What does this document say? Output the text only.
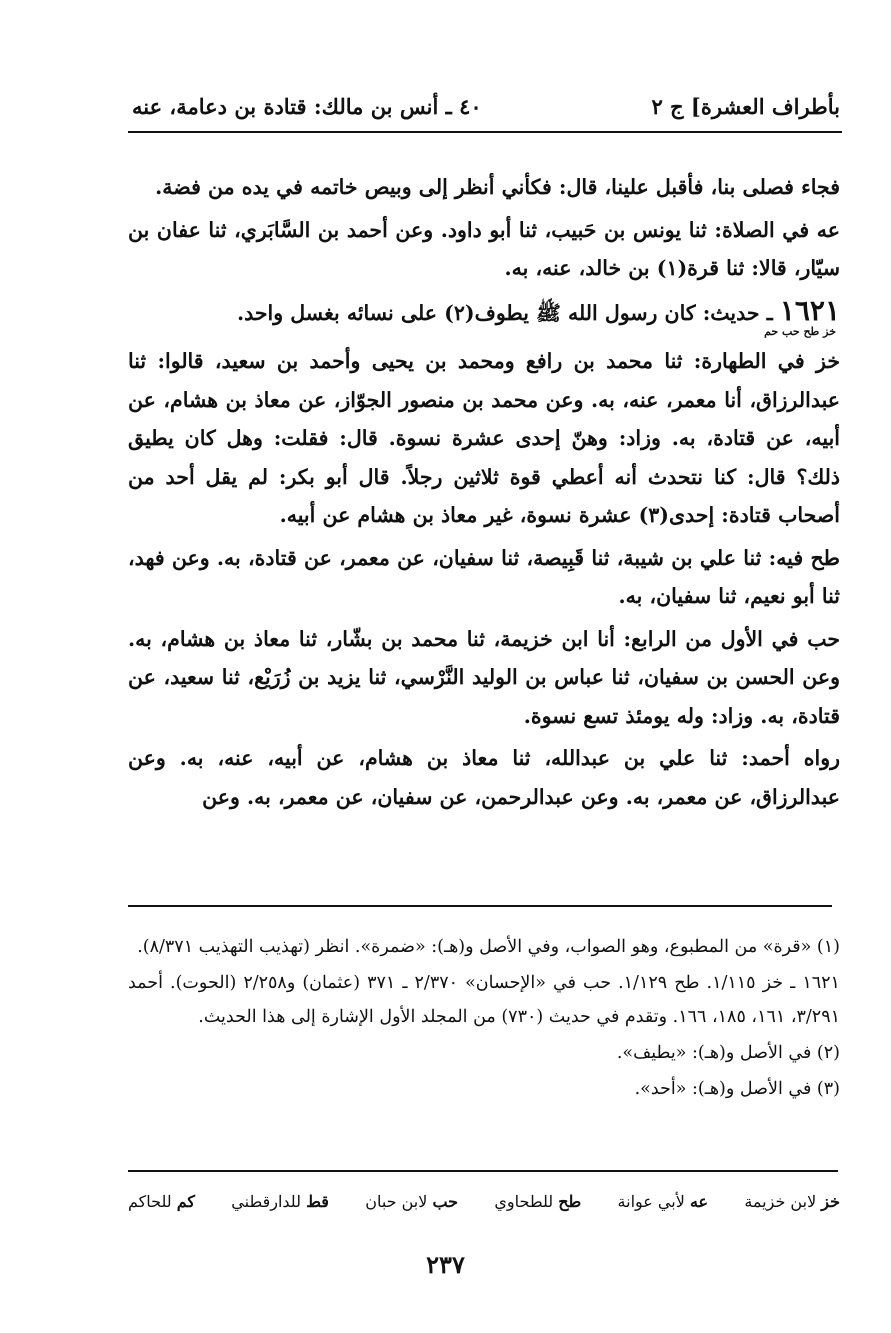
بأطراف العشرة] ج ٢
٤٠ ـ أنس بن مالك: قتادة بن دعامة، عنه

فجاء فصلى بنا، فأقبل علينا، قال: فكأني أنظر إلى وبيص خاتمه في يده من فضة.

عه في الصلاة: ثنا يونس بن حَبيب، ثنا أبو داود. وعن أحمد بن السَّابَري، ثنا عفان بن سيّار، قالا: ثنا قرة(١) بن خالد، عنه، به.

١٦٢١ ـ حديث: كان رسول الله ﷺ يطوف(٢) على نسائه بغسل واحد.
خز طح حب حم

خز في الطهارة: ثنا محمد بن رافع ومحمد بن يحيى وأحمد بن سعيد، قالوا: ثنا عبدالرزاق، أنا معمر، عنه، به. وعن محمد بن منصور الجوّاز، عن معاذ بن هشام، عن أبيه، عن قتادة، به. وزاد: وهنّ إحدى عشرة نسوة. قال: فقلت: وهل كان يطيق ذلك؟ قال: كنا نتحدث أنه أعطي قوة ثلاثين رجلاً. قال أبو بكر: لم يقل أحد من أصحاب قتادة: إحدى(٣) عشرة نسوة، غير معاذ بن هشام عن أبيه.

طح فيه: ثنا علي بن شيبة، ثنا قَبِيصة، ثنا سفيان، عن معمر، عن قتادة، به. وعن فهد، ثنا أبو نعيم، ثنا سفيان، به.

حب في الأول من الرابع: أنا ابن خزيمة، ثنا محمد بن بشّار، ثنا معاذ بن هشام، به. وعن الحسن بن سفيان، ثنا عباس بن الوليد النَّرْسي، ثنا يزيد بن زُرَيْع، ثنا سعيد، عن قتادة، به. وزاد: وله يومئذ تسع نسوة.

رواه أحمد: ثنا علي بن عبدالله، ثنا معاذ بن هشام، عن أبيه، عنه، به. وعن عبدالرزاق، عن معمر، به. وعن عبدالرحمن، عن سفيان، عن معمر، به. وعن

(١) «قرة» من المطبوع، وهو الصواب، وفي الأصل و(هـ): «ضمرة». انظر (تهذيب التهذيب ٨/٣٧١).

١٦٢١ ـ خز ١/١١٥. طح ١/١٢٩. حب في «الإحسان» ٢/٣٧٠ ـ ٣٧١ (عثمان) و٢/٢٥٨ (الحوت). أحمد ٣/٢٩١، ١٦١، ١٨٥، ١٦٦. وتقدم في حديث (٧٣٠) من المجلد الأول الإشارة إلى هذا الحديث.

(٢) في الأصل و(هـ): «يطيف».

(٣) في الأصل و(هـ): «أحد».

خز لابن خزيمة
عه لأبي عوانة
طح للطحاوي
حب لابن حبان
قط للدارقطني
كم للحاكم
٢٣٧
